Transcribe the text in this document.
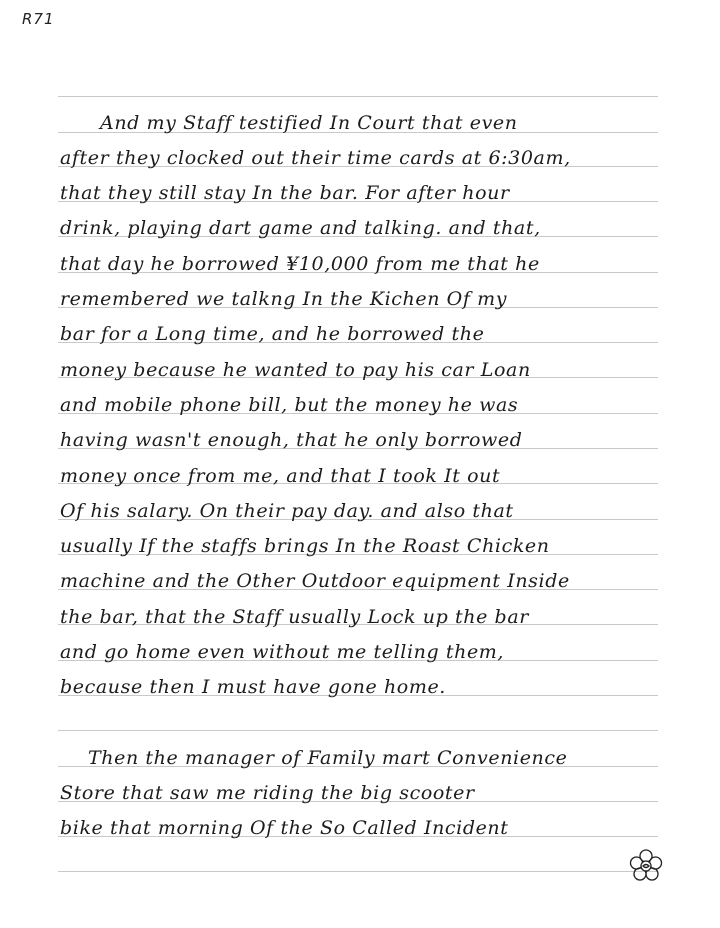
R71
And my Staff testified In Court that even
after they clocked out their time cards at 6:30am,
that they still stay In the bar. For after hour
drink, playing dart game and talking. and that,
that day he borrowed ¥10,000 from me that he
remembered we talkng In the Kichen Of my
bar for a Long time, and he borrowed the
money because he wanted to pay his car Loan
and mobile phone bill, but the money he was
having wasn't enough, that he only borrowed
money once from me, and that I took It out
Of his salary. On their pay day. and also that
usually If the staffs brings In the Roast Chicken
machine and the Other Outdoor equipment Inside
the bar, that the Staff usually Lock up the bar
and go home even without me telling them,
because then I must have gone home.
Then the manager of Family mart Convenience
Store that saw me riding the big scooter
bike that morning Of the So Called Incident
